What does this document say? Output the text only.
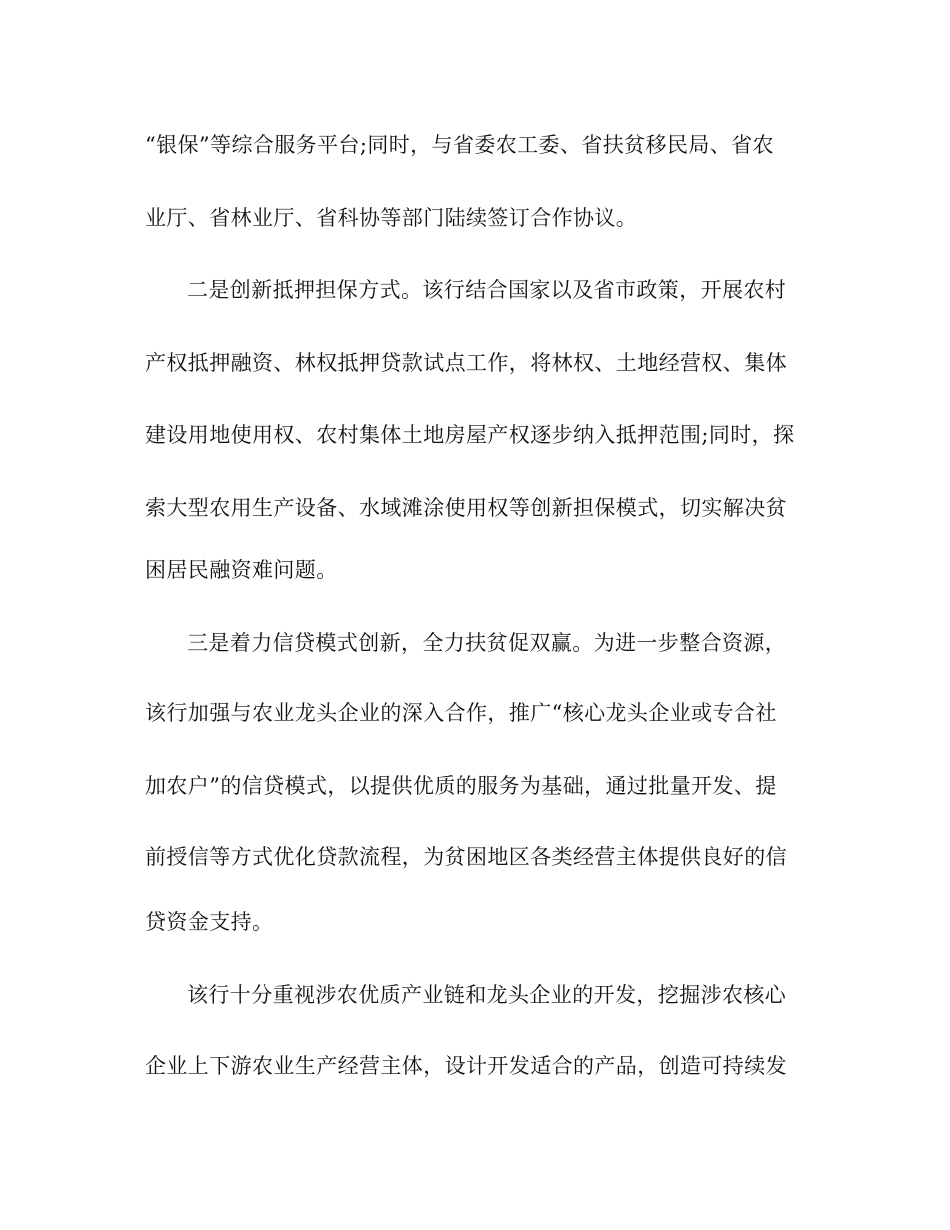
“银保”等综合服务平台;同时，与省委农工委、省扶贫移民局、省农
业厅、省林业厅、省科协等部门陆续签订合作协议。
二是创新抵押担保方式。该行结合国家以及省市政策，开展农村
产权抵押融资、林权抵押贷款试点工作，将林权、土地经营权、集体
建设用地使用权、农村集体土地房屋产权逐步纳入抵押范围;同时，探
索大型农用生产设备、水域滩涂使用权等创新担保模式，切实解决贫
困居民融资难问题。
三是着力信贷模式创新，全力扶贫促双赢。为进一步整合资源，
该行加强与农业龙头企业的深入合作，推广“核心龙头企业或专合社
加农户”的信贷模式，以提供优质的服务为基础，通过批量开发、提
前授信等方式优化贷款流程，为贫困地区各类经营主体提供良好的信
贷资金支持。
该行十分重视涉农优质产业链和龙头企业的开发，挖掘涉农核心
企业上下游农业生产经营主体，设计开发适合的产品，创造可持续发
